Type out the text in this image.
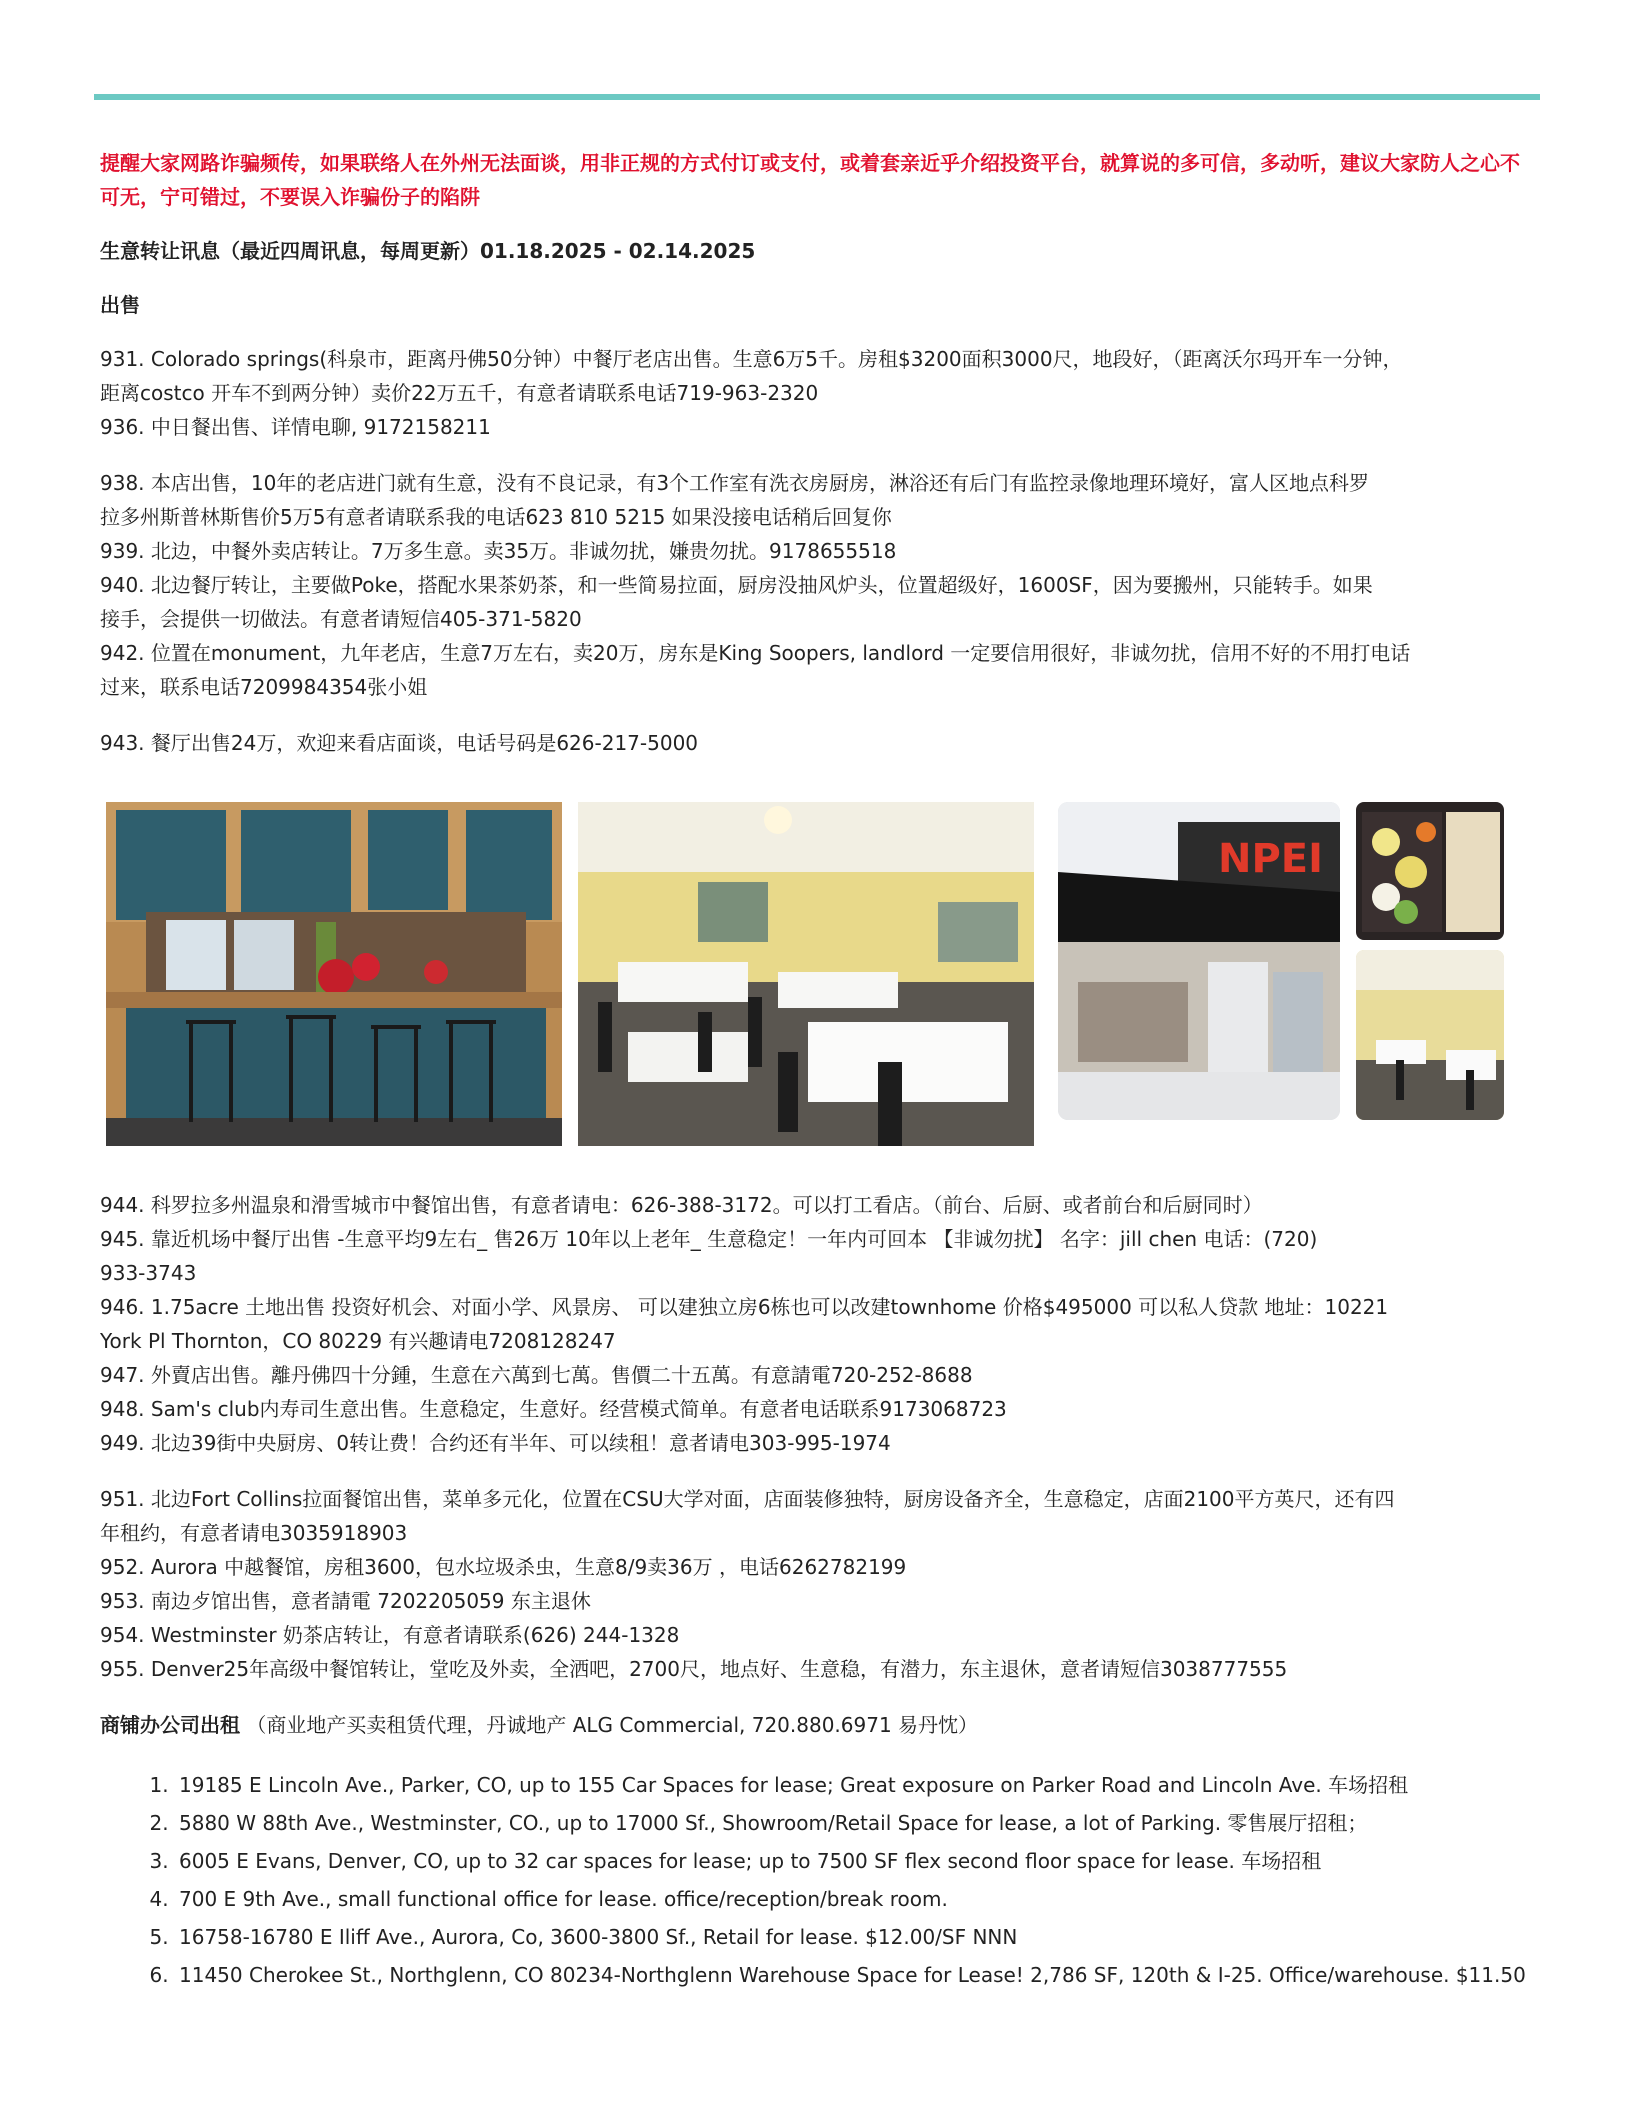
提醒大家网路诈骗频传，如果联络人在外州无法面谈，用非正规的方式付订或支付，或着套亲近乎介绍投资平台，就算说的多可信，多动听，建议大家防人之心不可无，宁可错过，不要误入诈骗份子的陷阱

生意转让讯息（最近四周讯息，每周更新）01.18.2025 - 02.14.2025

出售

931. Colorado springs(科泉市，距离丹佛50分钟）中餐厅老店出售。生意6万5千。房租$3200面积3000尺，地段好，（距离沃尔玛开车一分钟，
距离costco 开车不到两分钟）卖价22万五千，有意者请联系电话719-963-2320
936. 中日餐出售、详情电聊, 9172158211
938. 本店出售，10年的老店进门就有生意，没有不良记录，有3个工作室有洗衣房厨房，淋浴还有后门有监控录像地理环境好，富人区地点科罗
拉多州斯普林斯售价5万5有意者请联系我的电话623 810 5215 如果没接电话稍后回复你
939. 北边，中餐外卖店转让。7万多生意。卖35万。非诚勿扰，嫌贵勿扰。9178655518
940. 北边餐厅转让，主要做Poke，搭配水果茶奶茶，和一些简易拉面，厨房没抽风炉头，位置超级好，1600SF，因为要搬州，只能转手。如果
接手，会提供一切做法。有意者请短信405-371-5820
942. 位置在monument，九年老店，生意7万左右，卖20万，房东是King Soopers, landlord 一定要信用很好，非诚勿扰，信用不好的不用打电话
过来，联系电话7209984354张小姐
943. 餐厅出售24万，欢迎来看店面谈，电话号码是626-217-5000
NPEI
944. 科罗拉多州温泉和滑雪城市中餐馆出售，有意者请电：626-388-3172。可以打工看店。（前台、后厨、或者前台和后厨同时）
945. 靠近机场中餐厅出售 -生意平均9左右_ 售26万 10年以上老年_ 生意稳定！一年内可回本 【非诚勿扰】 名字：jill chen 电话：(720)
933-3743
946. 1.75acre 土地出售 投资好机会、对面小学、风景房、 可以建独立房6栋也可以改建townhome 价格$495000 可以私人贷款 地址：10221
York Pl Thornton，CO 80229 有兴趣请电7208128247
947. 外賣店出售。離丹佛四十分鍾，生意在六萬到七萬。售價二十五萬。有意請電720-252-8688
948. Sam's club内寿司生意出售。生意稳定，生意好。经营模式简单。有意者电话联系9173068723
949. 北边39街中央厨房、0转让费！合约还有半年、可以续租！意者请电303-995-1974
951. 北边Fort Collins拉面餐馆出售，菜单多元化，位置在CSU大学对面，店面装修独特，厨房设备齐全，生意稳定，店面2100平方英尺，还有四
年租约，有意者请电3035918903
952. Aurora 中越餐馆，房租3600，包水垃圾杀虫，生意8/9卖36万 ，电话6262782199
953. 南边歺馆出售，意者請電 7202205059 东主退休
954. Westminster 奶茶店转让，有意者请联系(626) 244-1328
955. Denver25年高级中餐馆转让，堂吃及外卖，全洒吧，2700尺，地点好、生意稳，有潜力，东主退休，意者请短信3038777555

商铺办公司出租 （商业地产买卖租赁代理，丹诚地产 ALG Commercial, 720.880.6971 易丹忱）

1. 19185 E Lincoln Ave., Parker, CO, up to 155 Car Spaces for lease; Great exposure on Parker Road and Lincoln Ave. 车场招租
2. 5880 W 88th Ave., Westminster, CO., up to 17000 Sf., Showroom/Retail Space for lease, a lot of Parking. 零售展厅招租；
3. 6005 E Evans, Denver, CO, up to 32 car spaces for lease; up to 7500 SF flex second floor space for lease. 车场招租
4. 700 E 9th Ave., small functional office for lease. office/reception/break room.
5. 16758-16780 E Iliff Ave., Aurora, Co, 3600-3800 Sf., Retail for lease. $12.00/SF NNN
6. 11450 Cherokee St., Northglenn, CO 80234-Northglenn Warehouse Space for Lease! 2,786 SF, 120th & I-25. Office/warehouse. $11.50
